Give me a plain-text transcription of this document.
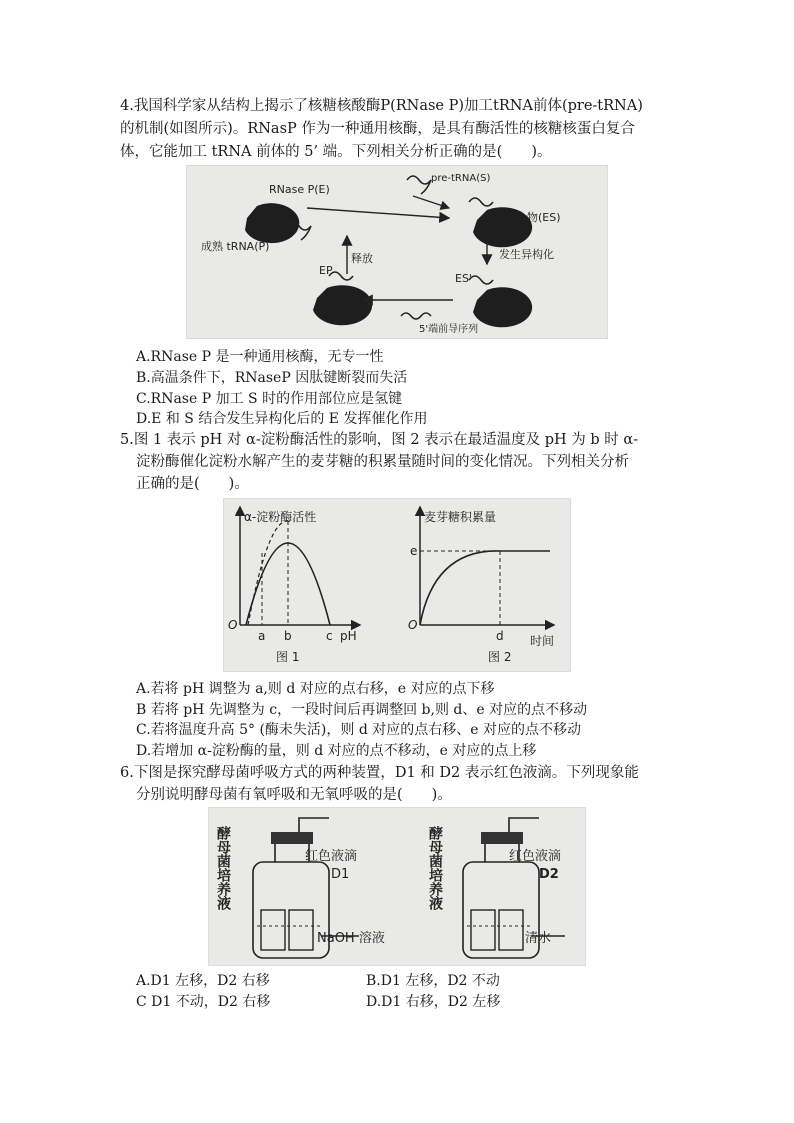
4.我国科学家从结构上揭示了核糖核酸酶P(RNase P)加工tRNA前体(pre-tRNA)
的机制(如图所示)。RNasP 作为一种通用核酶，是具有酶活性的核糖核蛋白复合
体，它能加工 tRNA 前体的 5’ 端。下列相关分析正确的是(　　)。
RNase P(E)
pre-tRNA(S)
复合物(ES)
发生异构化
ES'
5'端前导序列
EP
释放
成熟 tRNA(P)
A.RNase P 是一种通用核酶，无专一性
B.高温条件下，RNaseP 因肽键断裂而失活
C.RNase P 加工 S 时的作用部位应是氢键
D.E 和 S 结合发生异构化后的 E 发挥催化作用
5.图 1 表示 pH 对 α-淀粉酶活性的影响，图 2 表示在最适温度及 pH 为 b 时 α-
淀粉酶催化淀粉水解产生的麦芽糖的积累量随时间的变化情况。下列相关分析
正确的是(　　)。
α-淀粉酶活性
pH
O
a b	c
图 1
麦芽糖积累量
时间
O
e
d
图 2
A.若将 pH 调整为 a,则 d 对应的点右移，e 对应的点下移
B 若将 pH 先调整为 c，一段时间后再调整回 b,则 d、e 对应的点不移动
C.若将温度升高 5° (酶未失活)，则 d 对应的点右移、e 对应的点不移动
D.若增加 α-淀粉酶的量，则 d 对应的点不移动，e 对应的点上移
6.下图是探究酵母菌呼吸方式的两种装置，D1 和 D2 表示红色液滴。下列现象能
分别说明酵母菌有氧呼吸和无氧呼吸的是(　　)。
酵母菌培养液	红色液滴
D1
NaOH 溶液
酵母菌培养液	红色液滴
D2
清水
A.D1 左移，D2 右移	B.D1 左移，D2 不动
C D1 不动，D2 右移	D.D1 右移，D2 左移
